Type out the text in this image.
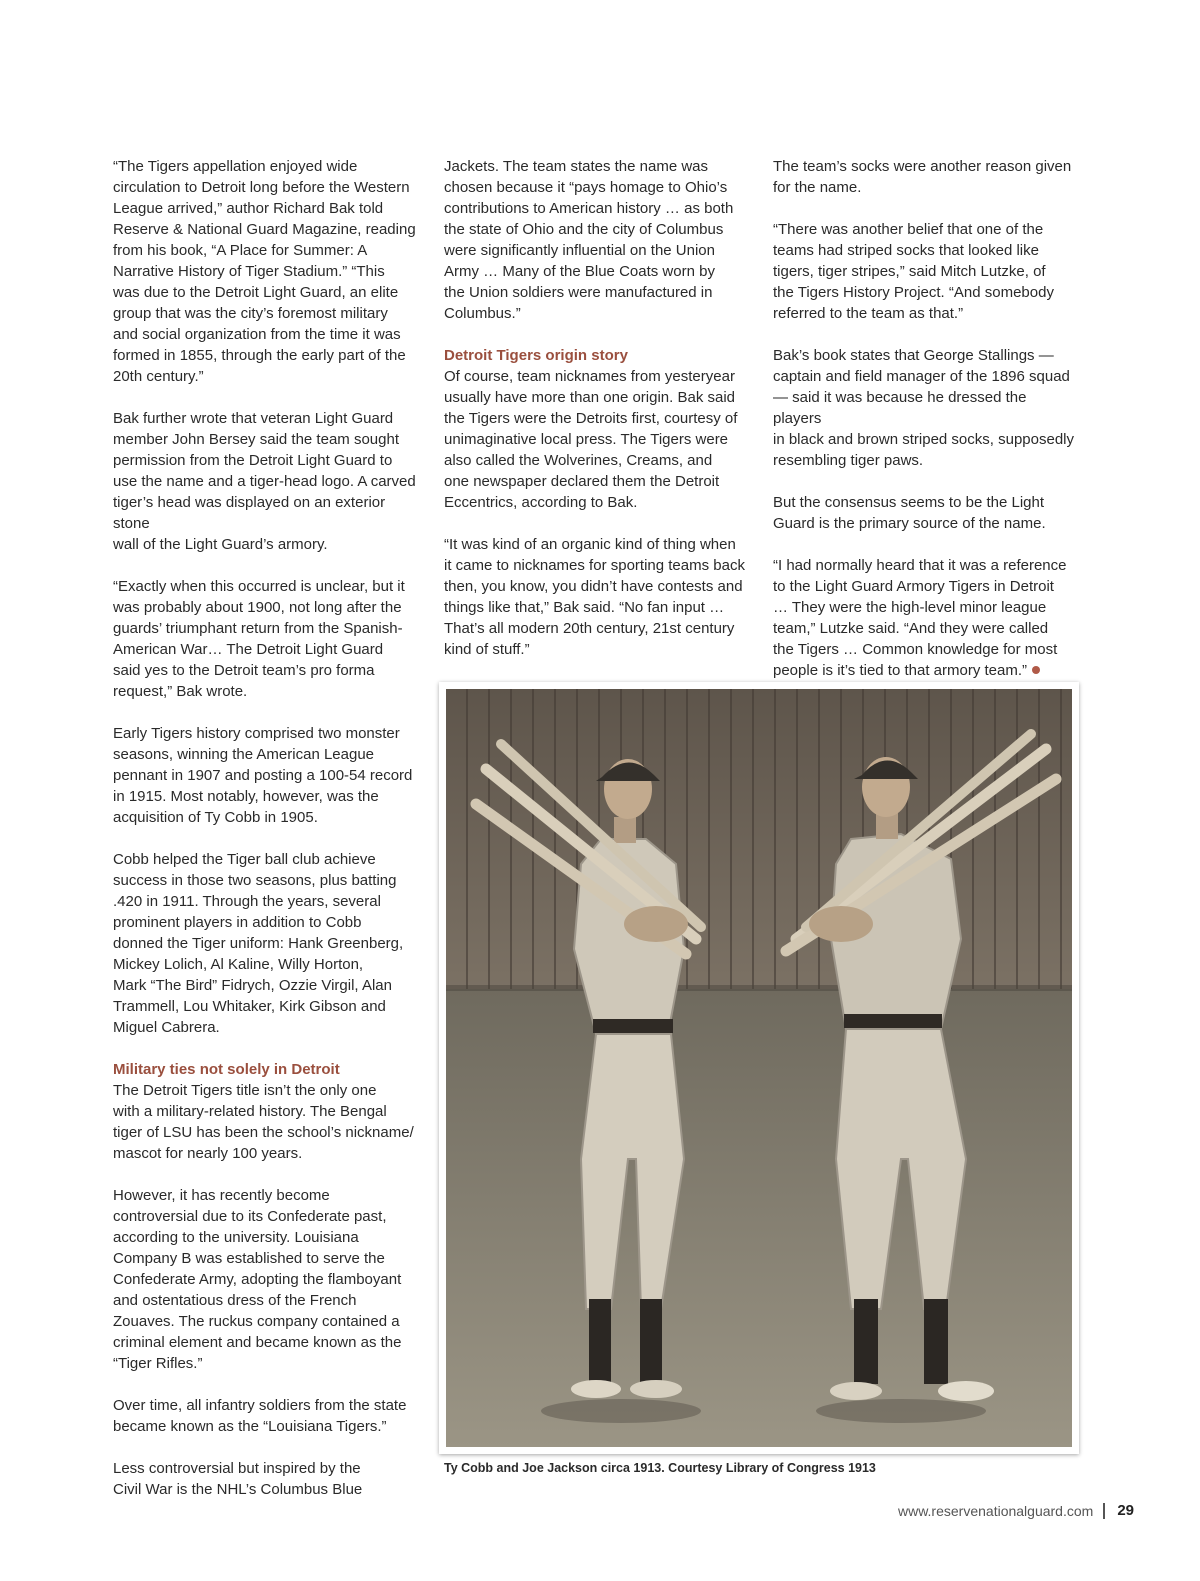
“The Tigers appellation enjoyed wide
circulation to Detroit long before the Western
League arrived,” author Richard Bak told
Reserve & National Guard Magazine, reading
from his book, “A Place for Summer: A
Narrative History of Tiger Stadium.” “This
was due to the Detroit Light Guard, an elite
group that was the city’s foremost military
and social organization from the time it was
formed in 1855, through the early part of the
20th century.”

Bak further wrote that veteran Light Guard
member John Bersey said the team sought
permission from the Detroit Light Guard to
use the name and a tiger-head logo. A carved
tiger’s head was displayed on an exterior stone
wall of the Light Guard’s armory.

“Exactly when this occurred is unclear, but it
was probably about 1900, not long after the
guards’ triumphant return from the Spanish-
American War… The Detroit Light Guard
said yes to the Detroit team’s pro forma
request,” Bak wrote.

Early Tigers history comprised two monster
seasons, winning the American League
pennant in 1907 and posting a 100-54 record
in 1915. Most notably, however, was the
acquisition of Ty Cobb in 1905.

Cobb helped the Tiger ball club achieve
success in those two seasons, plus batting
.420 in 1911. Through the years, several
prominent players in addition to Cobb
donned the Tiger uniform: Hank Greenberg,
Mickey Lolich, Al Kaline, Willy Horton,
Mark “The Bird” Fidrych, Ozzie Virgil, Alan
Trammell, Lou Whitaker, Kirk Gibson and
Miguel Cabrera.

Military ties not solely in Detroit

The Detroit Tigers title isn’t the only one
with a military-related history. The Bengal
tiger of LSU has been the school’s nickname/
mascot for nearly 100 years.

However, it has recently become
controversial due to its Confederate past,
according to the university. Louisiana
Company B was established to serve the
Confederate Army, adopting the flamboyant
and ostentatious dress of the French
Zouaves. The ruckus company contained a
criminal element and became known as the
“Tiger Rifles.”

Over time, all infantry soldiers from the state
became known as the “Louisiana Tigers.”

Less controversial but inspired by the
Civil War is the NHL’s Columbus Blue

Jackets. The team states the name was
chosen because it “pays homage to Ohio’s
contributions to American history … as both
the state of Ohio and the city of Columbus
were significantly influential on the Union
Army … Many of the Blue Coats worn by
the Union soldiers were manufactured in
Columbus.”

Detroit Tigers origin story

Of course, team nicknames from yesteryear
usually have more than one origin. Bak said
the Tigers were the Detroits first, courtesy of
unimaginative local press. The Tigers were
also called the Wolverines, Creams, and
one newspaper declared them the Detroit
Eccentrics, according to Bak.

“It was kind of an organic kind of thing when
it came to nicknames for sporting teams back
then, you know, you didn’t have contests and
things like that,” Bak said. “No fan input …
That’s all modern 20th century, 21st century
kind of stuff.”

The team’s socks were another reason given
for the name.

“There was another belief that one of the
teams had striped socks that looked like
tigers, tiger stripes,” said Mitch Lutzke, of
the Tigers History Project. “And somebody
referred to the team as that.”

Bak’s book states that George Stallings —
captain and field manager of the 1896 squad
— said it was because he dressed the players
in black and brown striped socks, supposedly
resembling tiger paws.

But the consensus seems to be the Light
Guard is the primary source of the name.

“I had normally heard that it was a reference
to the Light Guard Armory Tigers in Detroit
… They were the high-level minor league
team,” Lutzke said. “And they were called
the Tigers … Common knowledge for most
people is it’s tied to that armory team.”

Ty Cobb and Joe Jackson circa 1913. Courtesy Library of Congress 1913
www.reservenationalguard.com 29
